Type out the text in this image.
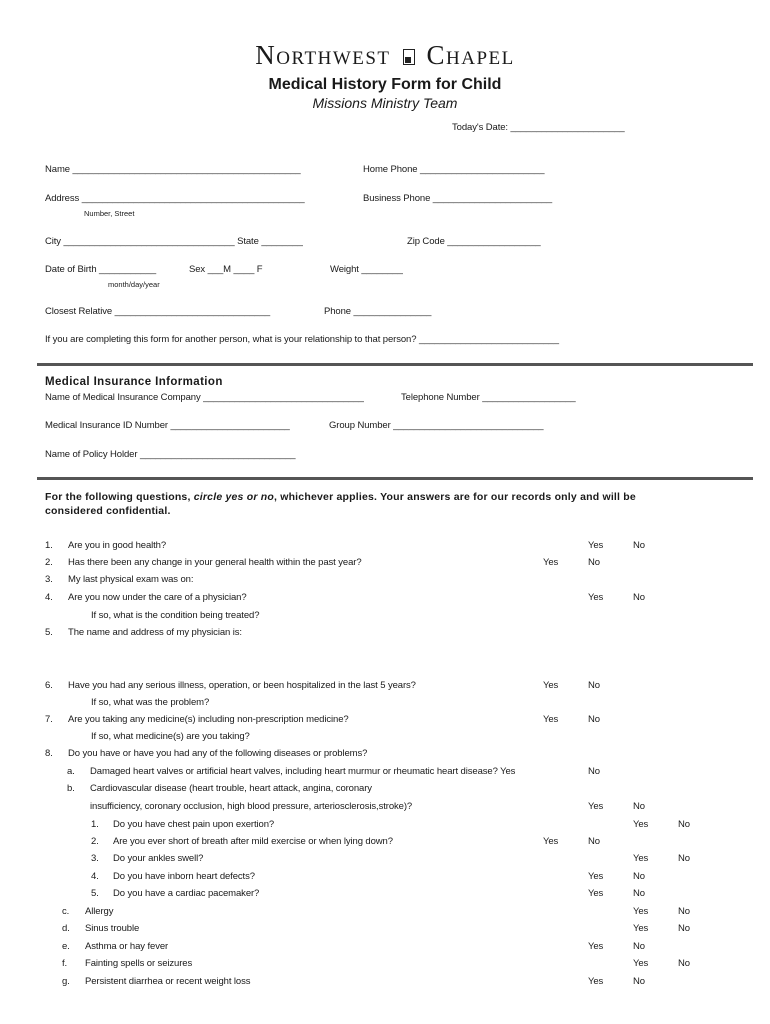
Northwest Chapel
Medical History Form for Child
Missions Ministry Team
Today's Date: ______________________
Name ____________________________________________	Home Phone ________________________
Address ___________________________________________	Business Phone _______________________
Number, Street
City _________________________________ State ________	Zip Code __________________
Date of Birth ___________	Sex ___M ____ F	Weight ________
month/day/year
Closest Relative ______________________________	Phone _______________
If you are completing this form for another person, what is your relationship to that person? ___________________________
Medical Insurance Information
Name of Medical Insurance Company _______________________________	Telephone Number __________________
Medical Insurance ID Number _______________________	Group Number _____________________________
Name of Policy Holder ______________________________
For the following questions, circle yes or no, whichever applies. Your answers are for our records only and will be
considered confidential.
1. Are you in good health?	Yes	No
2. Has there been any change in your general health within the past year?	Yes	No
3. My last physical exam was on:
4. Are you now under the care of a physician?	Yes	No
If so, what is the condition being treated?
5. The name and address of my physician is:
6. Have you had any serious illness, operation, or been hospitalized in the last 5 years?	Yes	No
If so, what was the problem?
7. Are you taking any medicine(s) including non-prescription medicine?	Yes	No
If so, what medicine(s) are you taking?
8. Do you have or have you had any of the following diseases or problems?
a. Damaged heart valves or artificial heart valves, including heart murmur or rheumatic heart disease? Yes	No
b. Cardiovascular disease (heart trouble, heart attack, angina, coronary
insufficiency, coronary occlusion, high blood pressure, arteriosclerosis,stroke)?	Yes	No
1. Do you have chest pain upon exertion?	Yes	No
2. Are you ever short of breath after mild exercise or when lying down?	Yes	No
3. Do your ankles swell?	Yes	No
4. Do you have inborn heart defects?	Yes	No
5. Do you have a cardiac pacemaker?	Yes	No
c. Allergy	Yes	No
d. Sinus trouble	Yes	No
e. Asthma or hay fever	Yes	No
f. Fainting spells or seizures	Yes	No
g. Persistent diarrhea or recent weight loss	Yes	No
